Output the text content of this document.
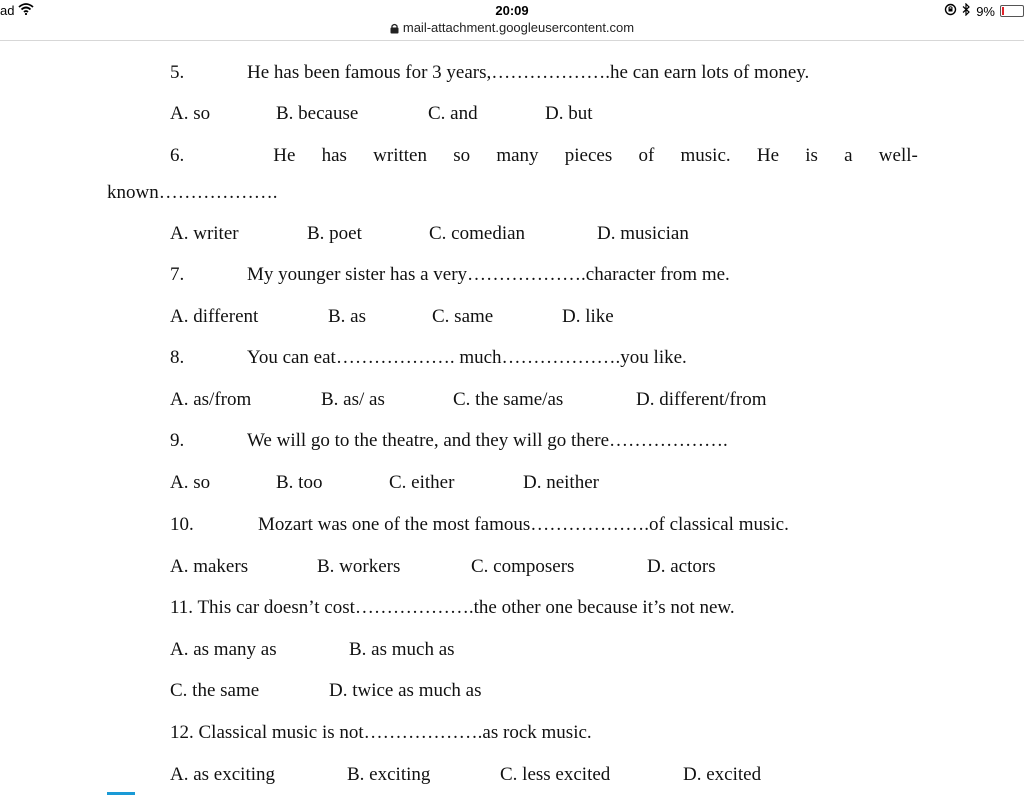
ad	20:09	9%
mail-attachment.googleusercontent.com
5.	He has been famous for 3 years,……………….he can earn lots of money.
A. so	B. because	C. and	D. but
6.	He has written so many pieces of music. He is a well-
known……………….
A. writer	B. poet	C. comedian	D. musician
7.	My younger sister has a very……………….character from me.
A. different	B. as	C. same	D. like
8.	You can eat………………. much……………….you like.
A. as/from	B. as/ as	C. the same/as	D. different/from
9.	We will go to the theatre, and they will go there……………….
A. so	B. too	C. either	D. neither
10.	Mozart was one of the most famous……………….of classical music.
A. makers	B. workers	C. composers	D. actors
11. This car doesn’t cost……………….the other one because it’s not new.
A. as many as	B. as much as
C. the same	D. twice as much as
12. Classical music is not……………….as rock music.
A. as exciting	B. exciting	C. less excited	D. excited
